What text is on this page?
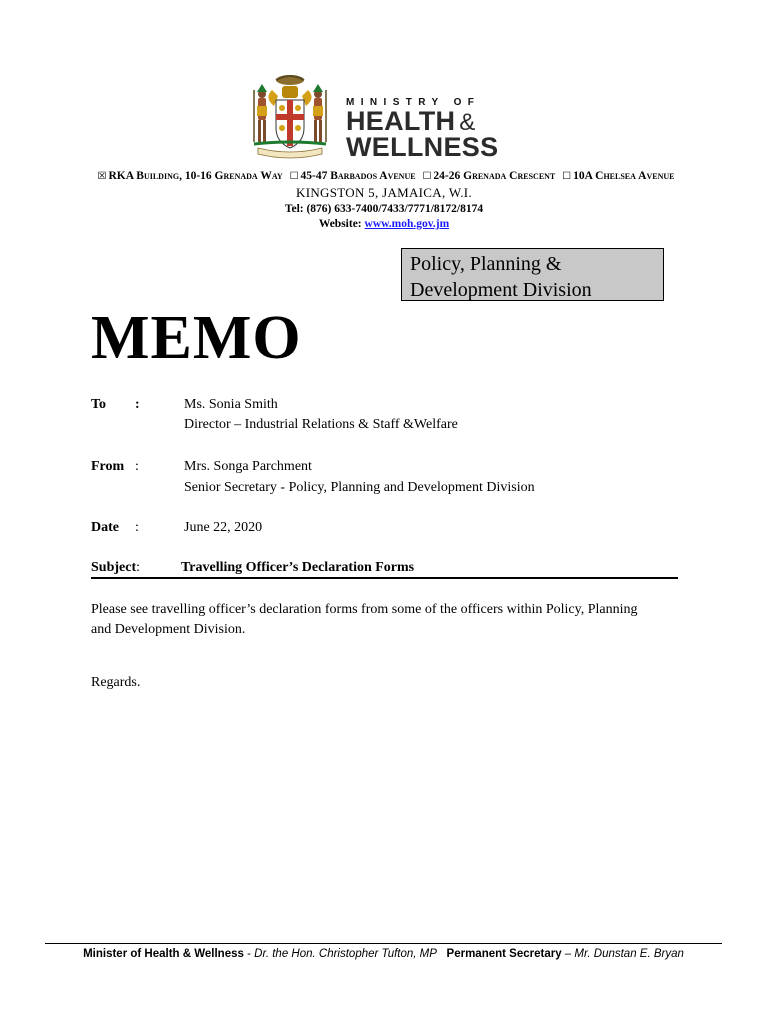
MINISTRY OF
HEALTH &
WELLNESS
☒ RKA Building, 10-16 Grenada Way ☐ 45-47 Barbados Avenue ☐ 24-26 Grenada Crescent ☐ 10A Chelsea Avenue
KINGSTON 5, JAMAICA, W.I.
Tel: (876) 633-7400/7433/7771/8172/8174
Website: www.moh.gov.jm
Policy, Planning &
Development Division
MEMO
To :	Ms. Sonia Smith
Director – Industrial Relations & Staff &Welfare
From :	Mrs. Songa Parchment
Senior Secretary - Policy, Planning and Development Division
Date :	June 22, 2020
Subject:	Travelling Officer’s Declaration Forms
Please see travelling officer’s declaration forms from some of the officers within Policy, Planning and Development Division.
Regards.
Minister of Health & Wellness - Dr. the Hon. Christopher Tufton, MP Permanent Secretary – Mr. Dunstan E. Bryan
